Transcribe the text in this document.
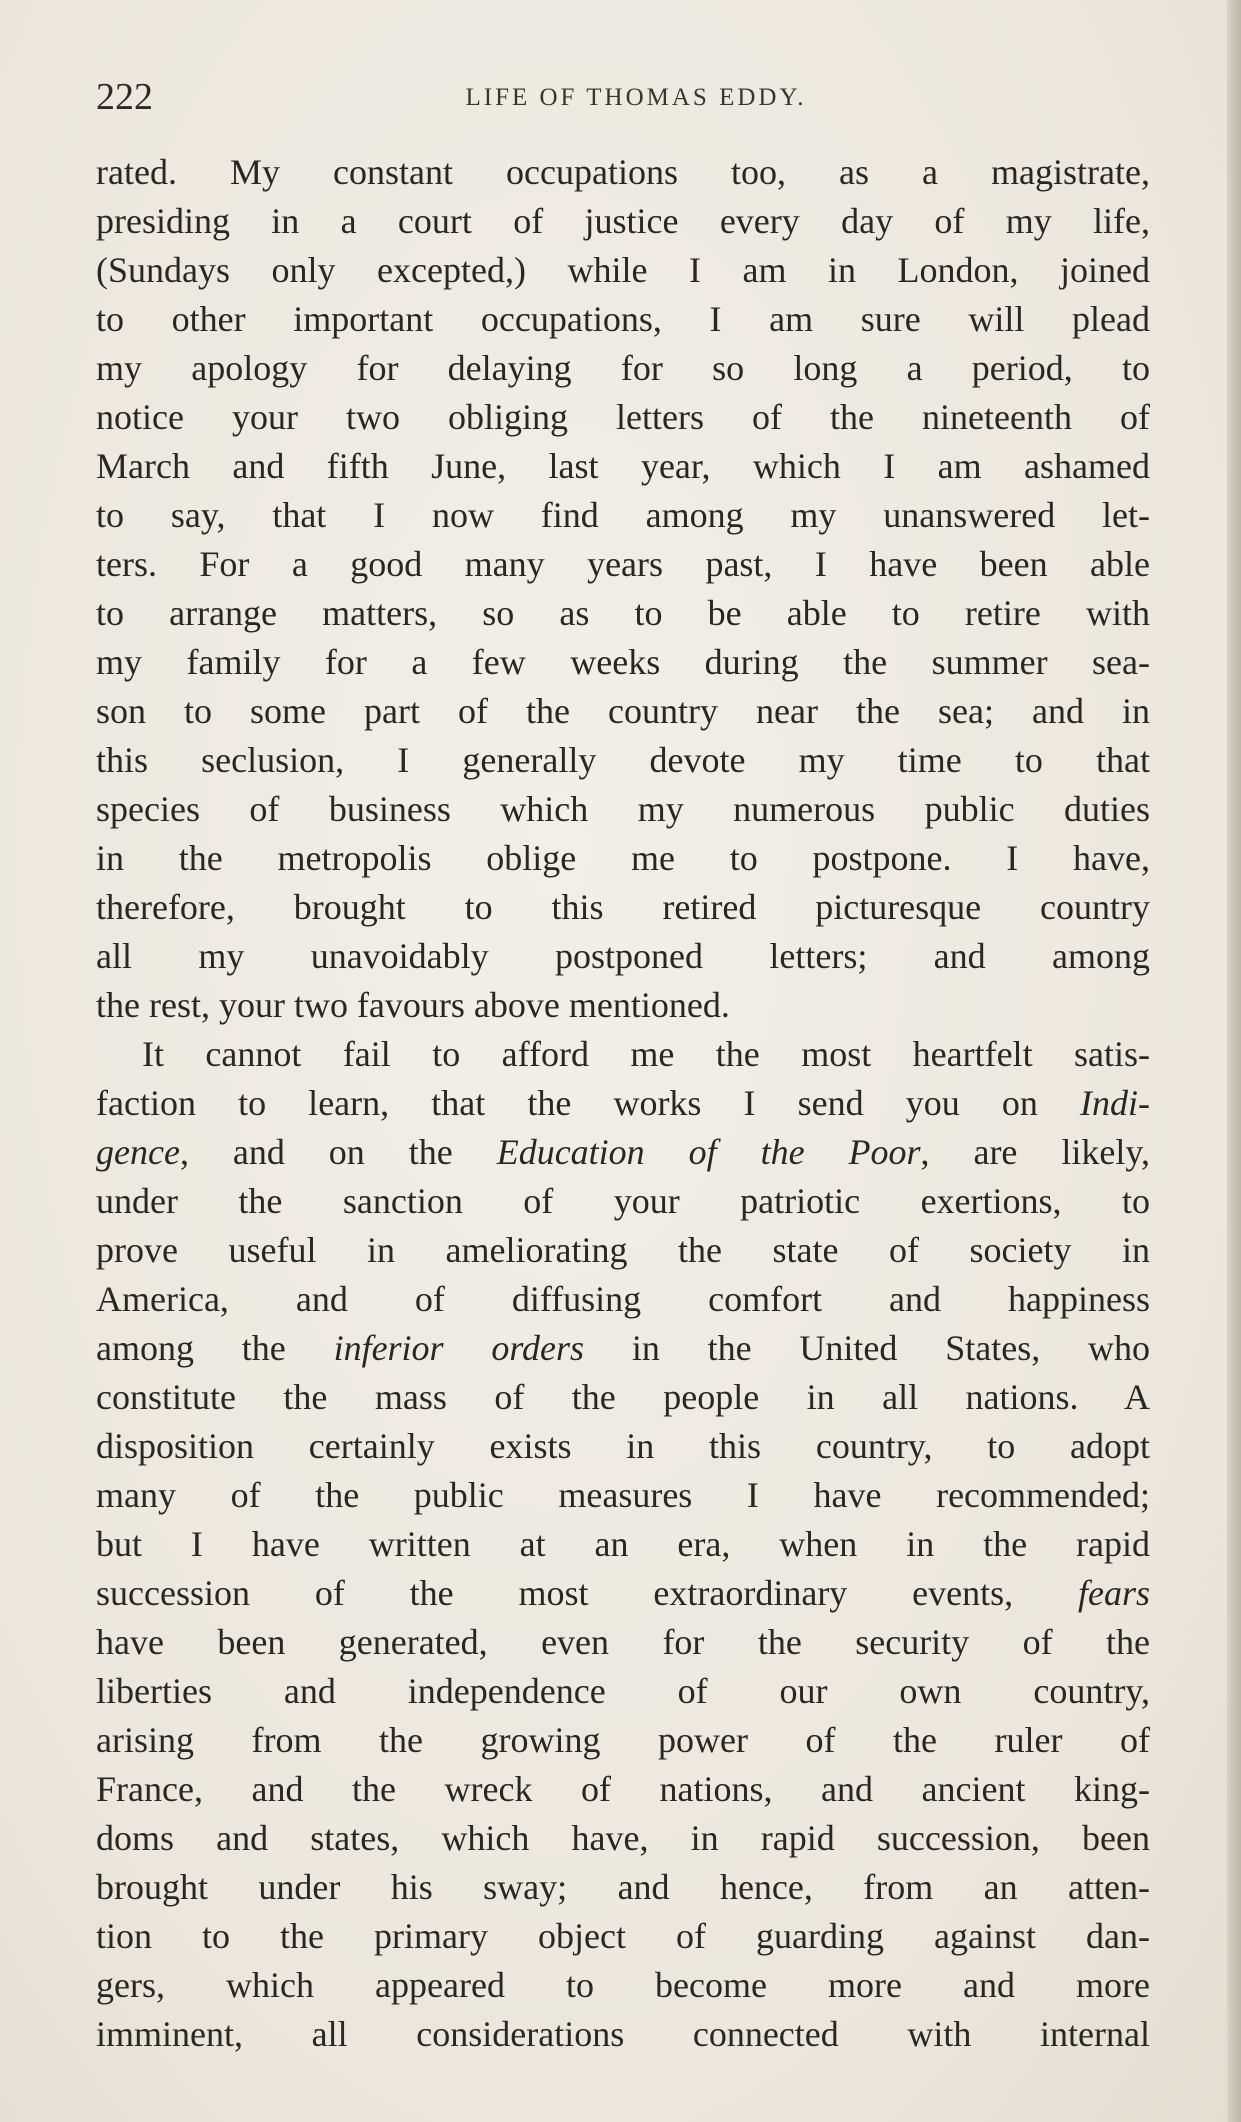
222	LIFE OF THOMAS EDDY.
rated. My constant occupations too, as a magistrate,
presiding in a court of justice every day of my life,
(Sundays only excepted,) while I am in London, joined
to other important occupations, I am sure will plead
my apology for delaying for so long a period, to
notice your two obliging letters of the nineteenth of
March and fifth June, last year, which I am ashamed
to say, that I now find among my unanswered let-
ters. For a good many years past, I have been able
to arrange matters, so as to be able to retire with
my family for a few weeks during the summer sea-
son to some part of the country near the sea; and in
this seclusion, I generally devote my time to that
species of business which my numerous public duties
in the metropolis oblige me to postpone. I have,
therefore, brought to this retired picturesque country
all my unavoidably postponed letters; and among
the rest, your two favours above mentioned.
It cannot fail to afford me the most heartfelt satis-
faction to learn, that the works I send you on Indi-
gence, and on the Education of the Poor, are likely,
under the sanction of your patriotic exertions, to
prove useful in ameliorating the state of society in
America, and of diffusing comfort and happiness
among the inferior orders in the United States, who
constitute the mass of the people in all nations. A
disposition certainly exists in this country, to adopt
many of the public measures I have recommended;
but I have written at an era, when in the rapid
succession of the most extraordinary events, fears
have been generated, even for the security of the
liberties and independence of our own country,
arising from the growing power of the ruler of
France, and the wreck of nations, and ancient king-
doms and states, which have, in rapid succession, been
brought under his sway; and hence, from an atten-
tion to the primary object of guarding against dan-
gers, which appeared to become more and more
imminent, all considerations connected with internal
